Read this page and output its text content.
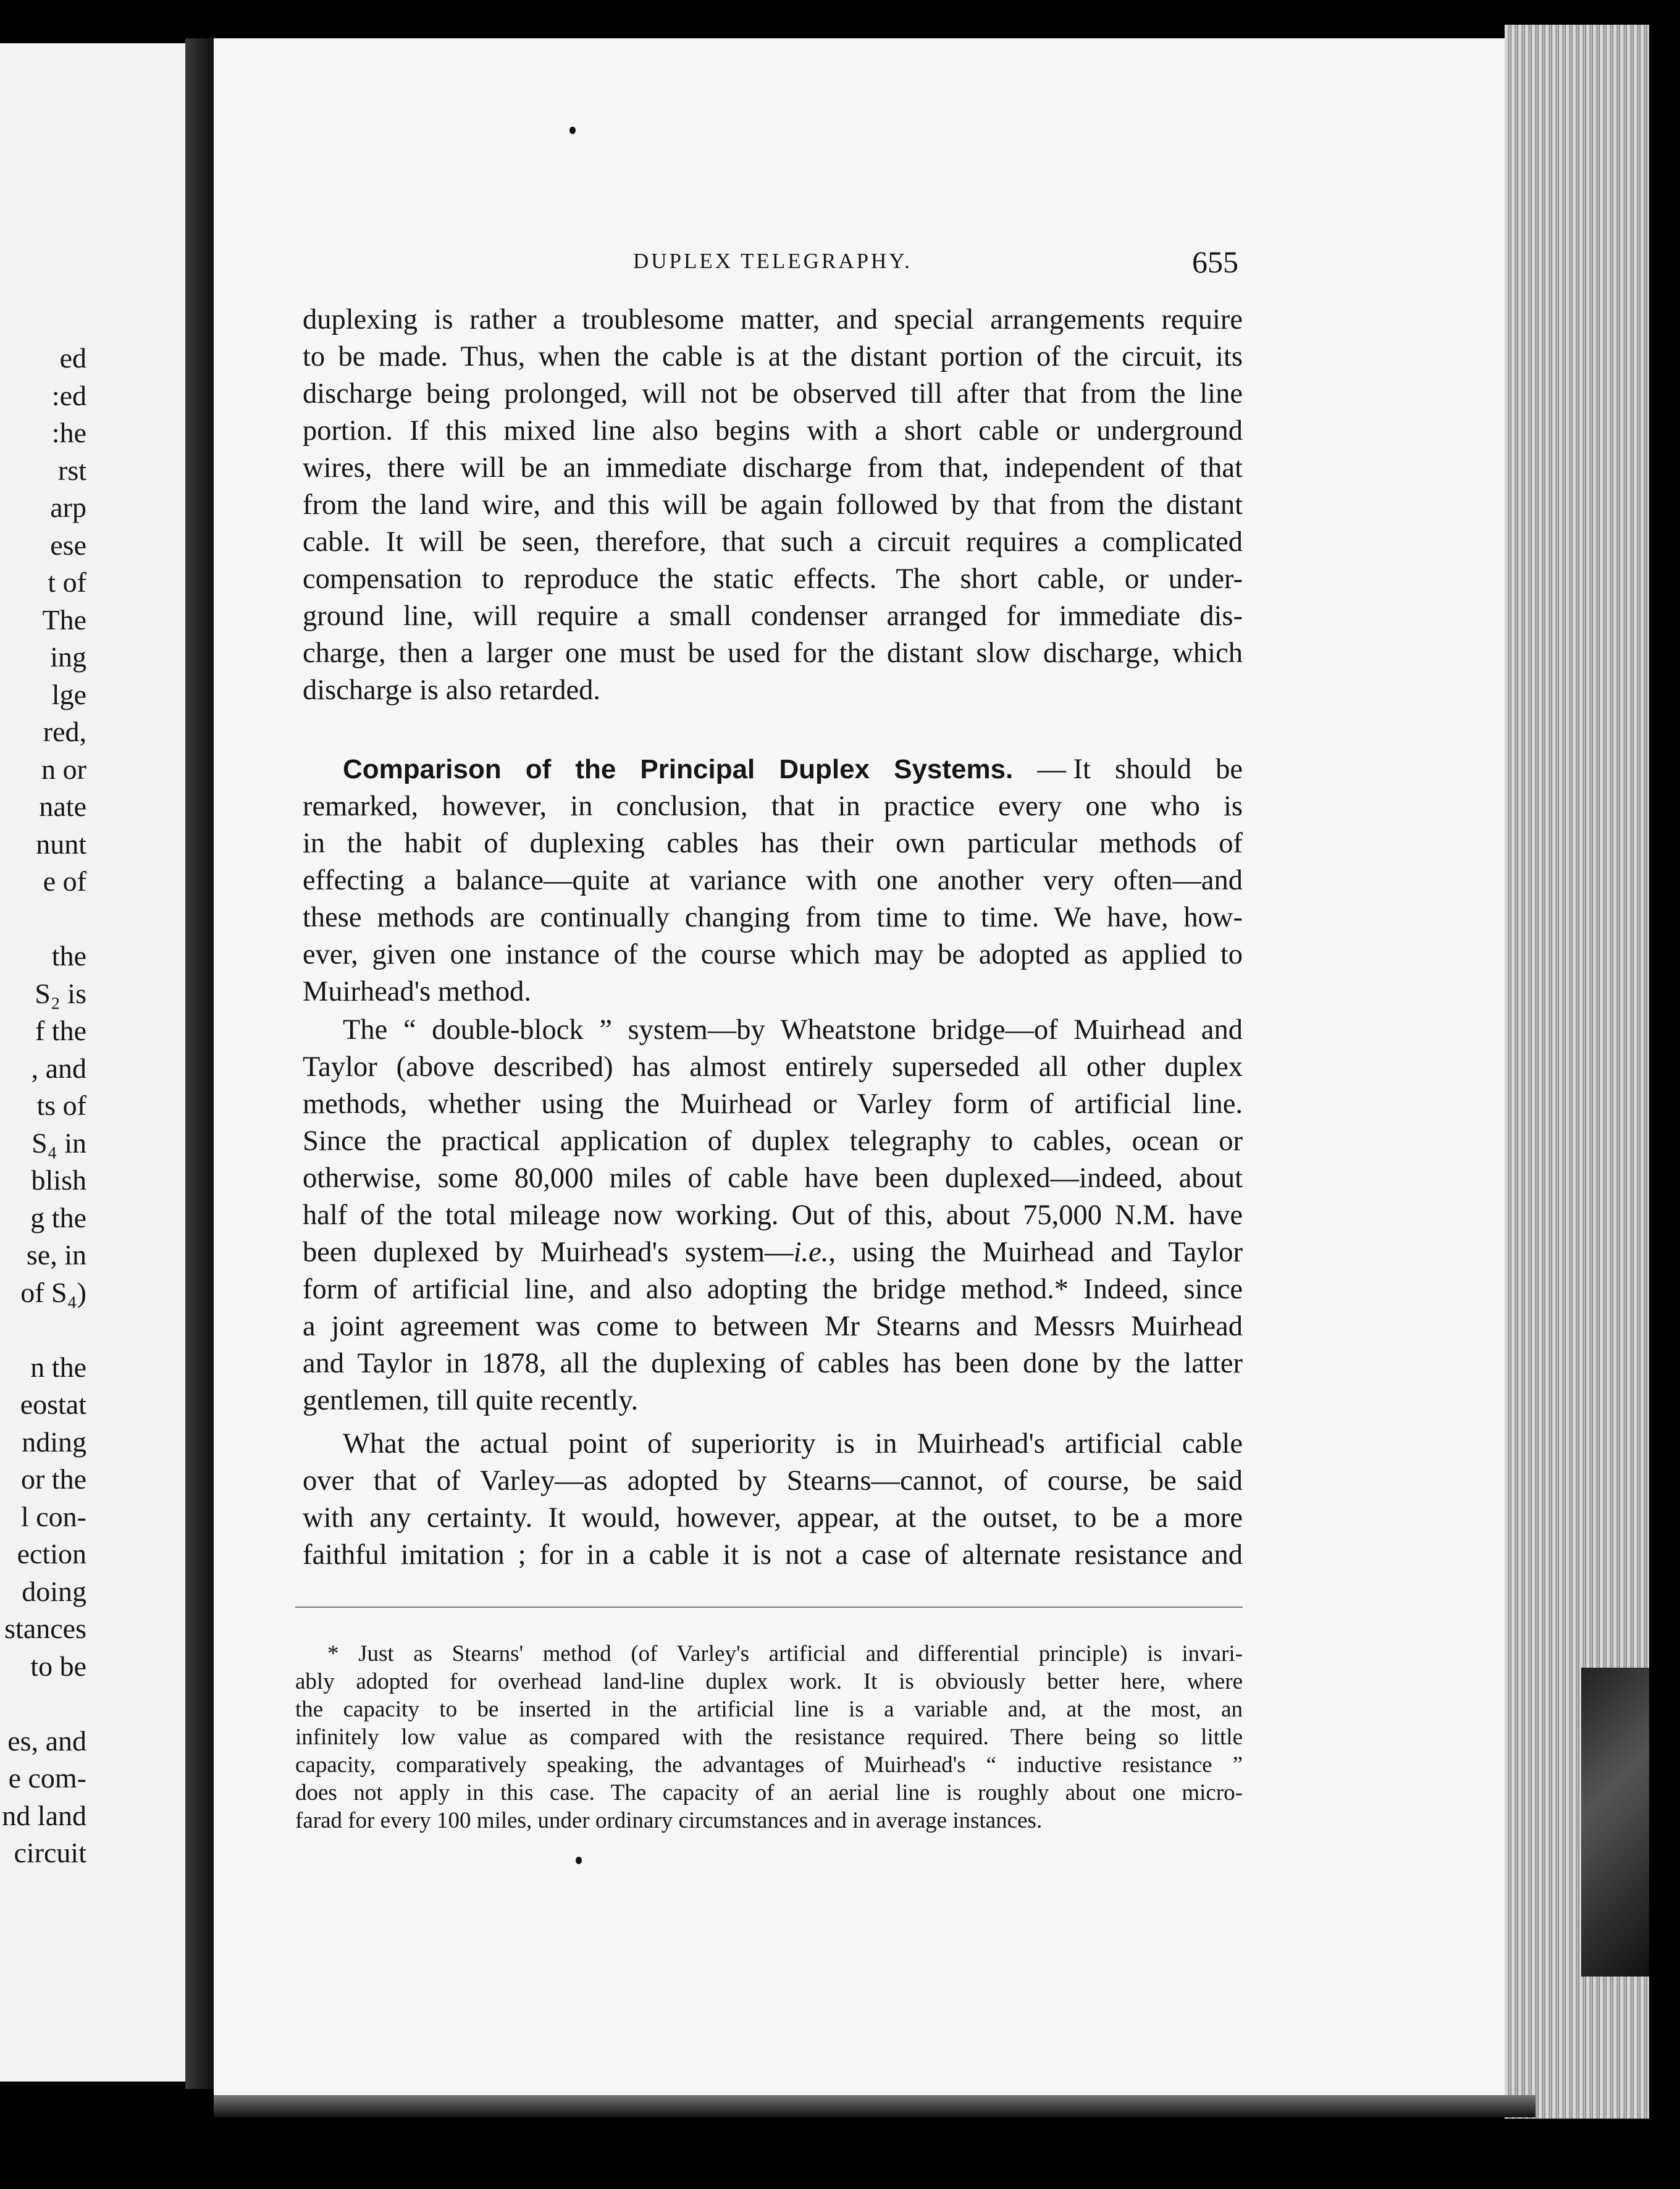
ed
:ed
:he
rst
arp
ese
t of
The
ing
lge
red,
n or
nate
nunt
e of
the
S₂ is
f the
, and
ts of
S₄ in
blish
g the
se, in
of S₄)
n the
eostat
nding
or the
l con-
ection
doing
stances
to be
es, and
e com-
nd land
circuit
DUPLEX TELEGRAPHY.	655
duplexing is rather a troublesome matter, and special arrangements require
to be made. Thus, when the cable is at the distant portion of the circuit, its
discharge being prolonged, will not be observed till after that from the line
portion. If this mixed line also begins with a short cable or underground
wires, there will be an immediate discharge from that, independent of that
from the land wire, and this will be again followed by that from the distant
cable. It will be seen, therefore, that such a circuit requires a complicated
compensation to reproduce the static effects. The short cable, or under-
ground line, will require a small condenser arranged for immediate dis-
charge, then a larger one must be used for the distant slow discharge, which
discharge is also retarded.
Comparison of the Principal Duplex Systems. — It should be
remarked, however, in conclusion, that in practice every one who is
in the habit of duplexing cables has their own particular methods of
effecting a balance—quite at variance with one another very often—and
these methods are continually changing from time to time. We have, how-
ever, given one instance of the course which may be adopted as applied to
Muirhead's method.
The “ double-block ” system—by Wheatstone bridge—of Muirhead and
Taylor (above described) has almost entirely superseded all other duplex
methods, whether using the Muirhead or Varley form of artificial line.
Since the practical application of duplex telegraphy to cables, ocean or
otherwise, some 80,000 miles of cable have been duplexed—indeed, about
half of the total mileage now working. Out of this, about 75,000 N.M. have
been duplexed by Muirhead's system—i.e., using the Muirhead and Taylor
form of artificial line, and also adopting the bridge method.* Indeed, since
a joint agreement was come to between Mr Stearns and Messrs Muirhead
and Taylor in 1878, all the duplexing of cables has been done by the latter
gentlemen, till quite recently.
What the actual point of superiority is in Muirhead's artificial cable
over that of Varley—as adopted by Stearns—cannot, of course, be said
with any certainty. It would, however, appear, at the outset, to be a more
faithful imitation ; for in a cable it is not a case of alternate resistance and
* Just as Stearns' method (of Varley's artificial and differential principle) is invari-
ably adopted for overhead land-line duplex work. It is obviously better here, where
the capacity to be inserted in the artificial line is a variable and, at the most, an
infinitely low value as compared with the resistance required. There being so little
capacity, comparatively speaking, the advantages of Muirhead's “ inductive resistance ”
does not apply in this case. The capacity of an aerial line is roughly about one micro-
farad for every 100 miles, under ordinary circumstances and in average instances.
